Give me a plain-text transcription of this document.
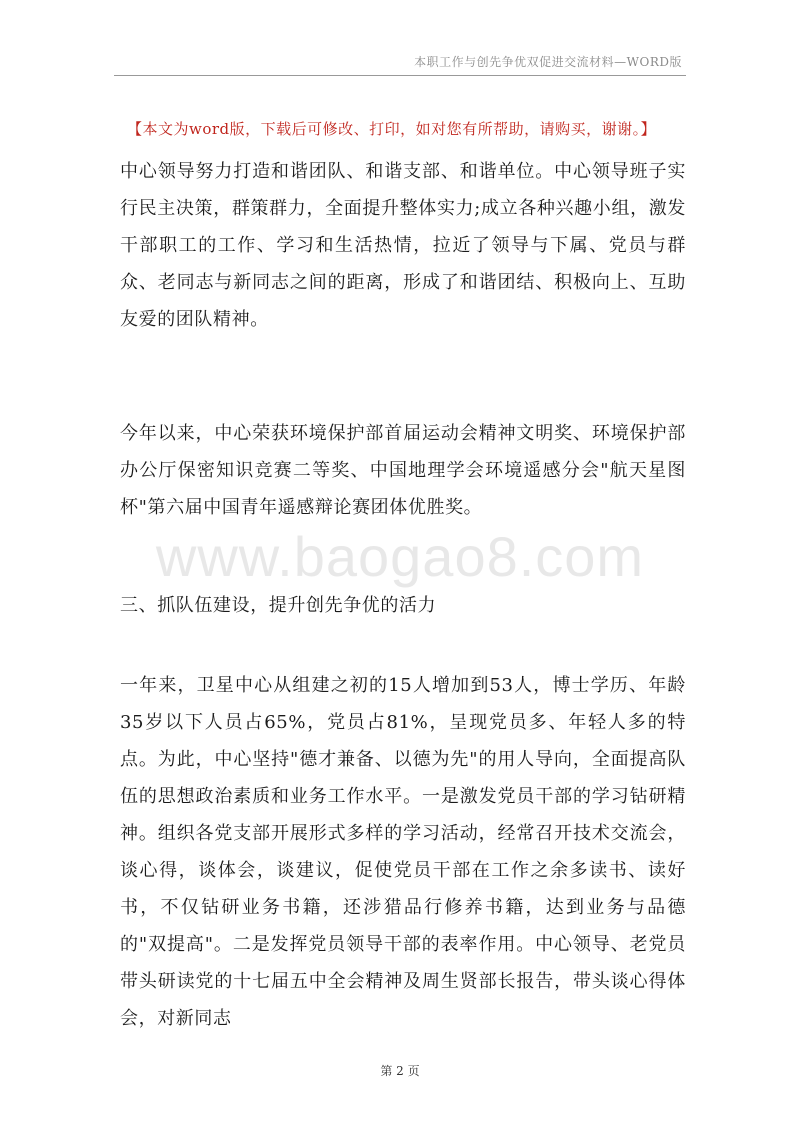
本职工作与创先争优双促进交流材料—WORD版
【本文为word版，下载后可修改、打印，如对您有所帮助，请购买，谢谢。】

中心领导努力打造和谐团队、和谐支部、和谐单位。中心领导班子实行民主决策，群策群力，全面提升整体实力;成立各种兴趣小组，激发干部职工的工作、学习和生活热情，拉近了领导与下属、党员与群众、老同志与新同志之间的距离，形成了和谐团结、积极向上、互助友爱的团队精神。

今年以来，中心荣获环境保护部首届运动会精神文明奖、环境保护部办公厅保密知识竞赛二等奖、中国地理学会环境遥感分会"航天星图杯"第六届中国青年遥感辩论赛团体优胜奖。

www.baogao8.com

三、抓队伍建设，提升创先争优的活力

一年来，卫星中心从组建之初的15人增加到53人，博士学历、年龄35岁以下人员占65%，党员占81%，呈现党员多、年轻人多的特点。为此，中心坚持"德才兼备、以德为先"的用人导向，全面提高队伍的思想政治素质和业务工作水平。一是激发党员干部的学习钻研精神。组织各党支部开展形式多样的学习活动，经常召开技术交流会，谈心得，谈体会，谈建议，促使党员干部在工作之余多读书、读好书，不仅钻研业务书籍，还涉猎品行修养书籍，达到业务与品德的"双提高"。二是发挥党员领导干部的表率作用。中心领导、老党员带头研读党的十七届五中全会精神及周生贤部长报告，带头谈心得体会，对新同志

第 2 页
